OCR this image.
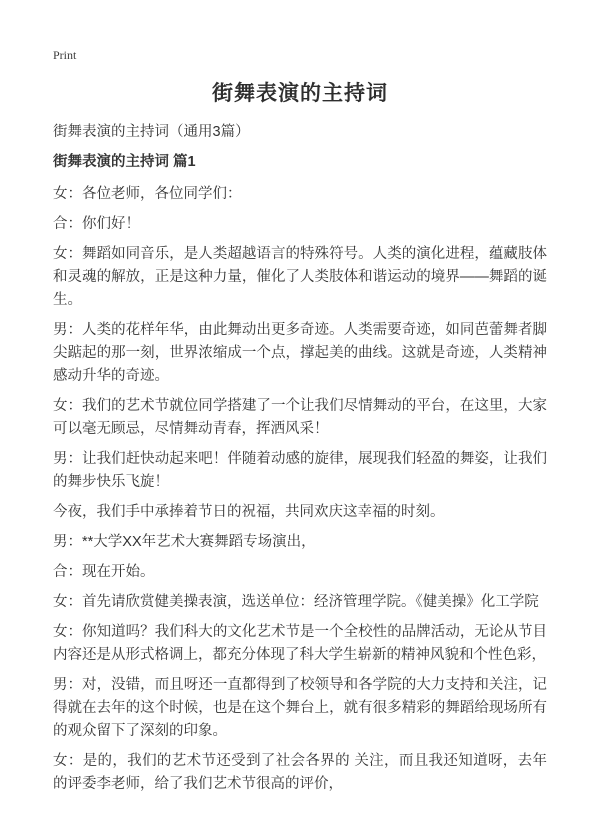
Print
街舞表演的主持词
街舞表演的主持词（通用3篇）
街舞表演的主持词 篇1

女：各位老师，各位同学们：

合：你们好！

女：舞蹈如同音乐，是人类超越语言的特殊符号。人类的演化进程，蕴藏肢体和灵魂的解放，正是这种力量，催化了人类肢体和谐运动的境界——舞蹈的诞生。

男：人类的花样年华，由此舞动出更多奇迹。人类需要奇迹，如同芭蕾舞者脚尖踮起的那一刻，世界浓缩成一个点，撑起美的曲线。这就是奇迹，人类精神感动升华的奇迹。

女：我们的艺术节就位同学搭建了一个让我们尽情舞动的平台，在这里，大家可以毫无顾忌，尽情舞动青春，挥洒风采！

男：让我们赶快动起来吧！伴随着动感的旋律，展现我们轻盈的舞姿，让我们的舞步快乐飞旋！

今夜，我们手中承捧着节日的祝福，共同欢庆这幸福的时刻。

男：**大学XX年艺术大赛舞蹈专场演出，

合：现在开始。

女：首先请欣赏健美操表演，选送单位：经济管理学院。《健美操》化工学院

女：你知道吗？我们科大的文化艺术节是一个全校性的品牌活动，无论从节目内容还是从形式格调上，都充分体现了科大学生崭新的精神风貌和个性色彩，

男：对，没错，而且呀还一直都得到了校领导和各学院的大力支持和关注，记得就在去年的这个时候，也是在这个舞台上，就有很多精彩的舞蹈给现场所有的观众留下了深刻的印象。

女：是的，我们的艺术节还受到了社会各界的 关注，而且我还知道呀，去年的评委李老师，给了我们艺术节很高的评价，
